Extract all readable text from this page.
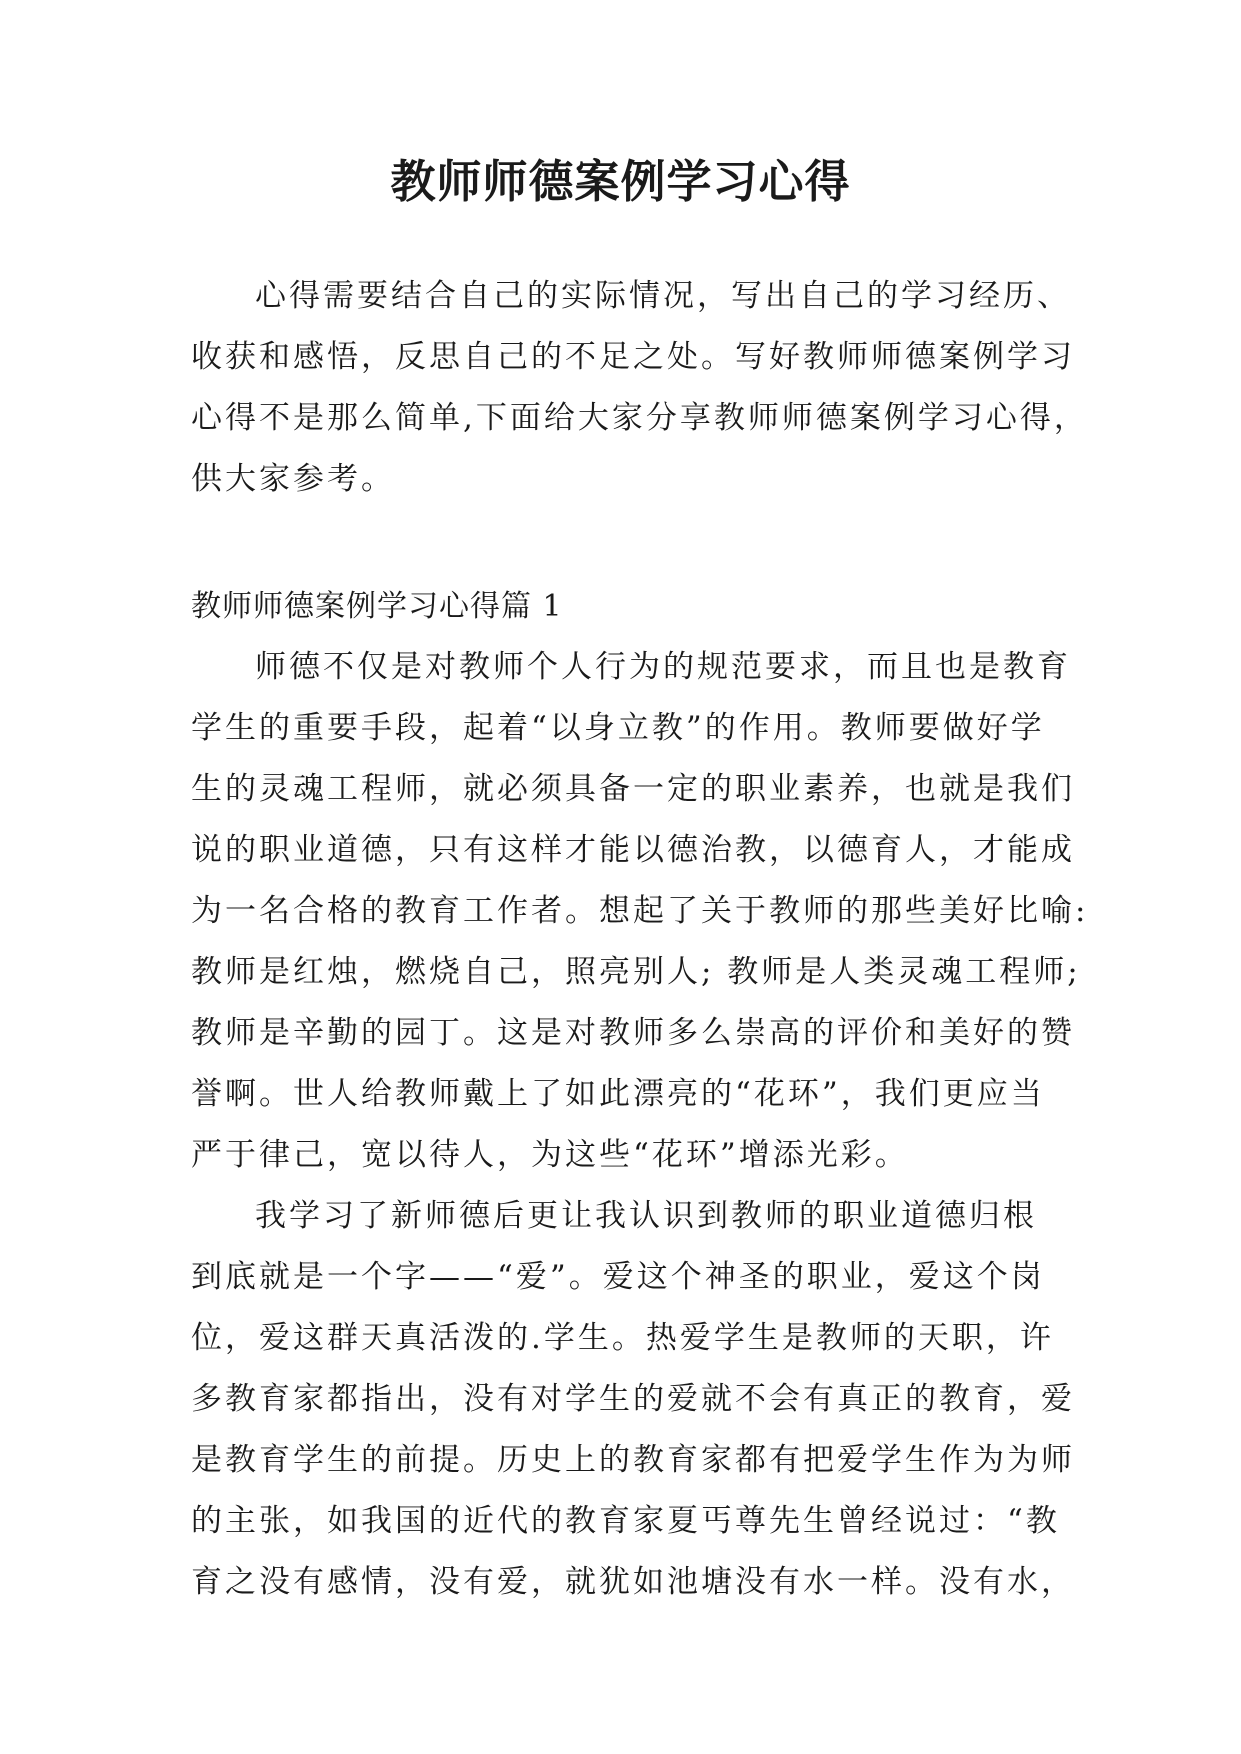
教师师德案例学习心得
心得需要结合自己的实际情况，写出自己的学习经历、
收获和感悟，反思自己的不足之处。写好教师师德案例学习
心得不是那么简单,下面给大家分享教师师德案例学习心得，
供大家参考。
教师师德案例学习心得篇 1
师德不仅是对教师个人行为的规范要求，而且也是教育
学生的重要手段，起着“以身立教”的作用。教师要做好学
生的灵魂工程师，就必须具备一定的职业素养，也就是我们
说的职业道德，只有这样才能以德治教，以德育人，才能成
为一名合格的教育工作者。想起了关于教师的那些美好比喻:
教师是红烛，燃烧自己，照亮别人; 教师是人类灵魂工程师;
教师是辛勤的园丁。这是对教师多么崇高的评价和美好的赞
誉啊。世人给教师戴上了如此漂亮的“花环”，我们更应当
严于律己，宽以待人，为这些“花环”增添光彩。
我学习了新师德后更让我认识到教师的职业道德归根
到底就是一个字——“爱”。爱这个神圣的职业，爱这个岗
位，爱这群天真活泼的.学生。热爱学生是教师的天职，许
多教育家都指出，没有对学生的爱就不会有真正的教育，爱
是教育学生的前提。历史上的教育家都有把爱学生作为为师
的主张，如我国的近代的教育家夏丐尊先生曾经说过：“教
育之没有感情，没有爱，就犹如池塘没有水一样。没有水，
